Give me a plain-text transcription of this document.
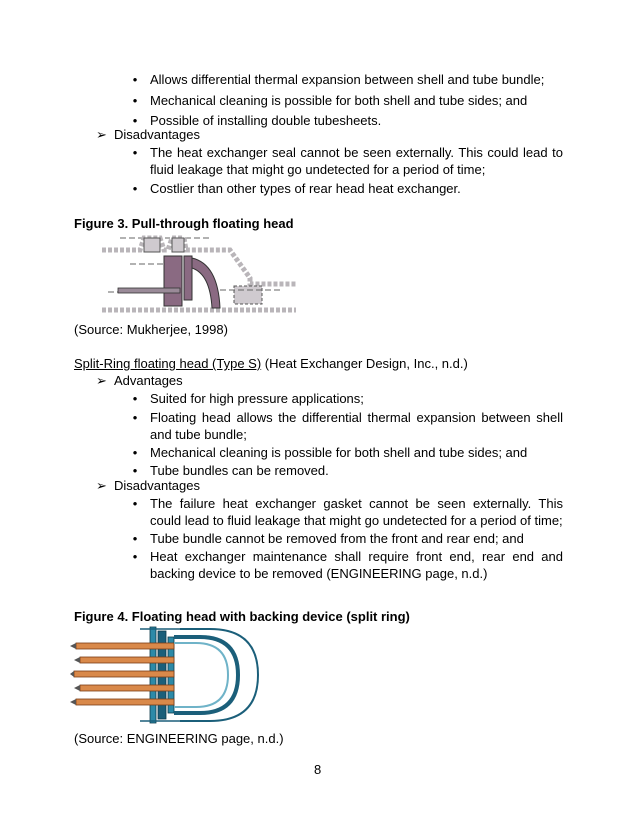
• Allows differential thermal expansion between shell and tube bundle;
• Mechanical cleaning is possible for both shell and tube sides; and
• Possible of installing double tubesheets.
➢ Disadvantages
• The heat exchanger seal cannot be seen externally. This could lead to fluid leakage that might go undetected for a period of time;
• Costlier than other types of rear head heat exchanger.
Figure 3. Pull-through floating head
(Source: Mukherjee, 1998)
Split-Ring floating head (Type S) (Heat Exchanger Design, Inc., n.d.)
➢ Advantages
• Suited for high pressure applications;
• Floating head allows the differential thermal expansion between shell and tube bundle;
• Mechanical cleaning is possible for both shell and tube sides; and
• Tube bundles can be removed.
➢ Disadvantages
• The failure heat exchanger gasket cannot be seen externally. This could lead to fluid leakage that might go undetected for a period of time;
• Tube bundle cannot be removed from the front and rear end; and
• Heat exchanger maintenance shall require front end, rear end and backing device to be removed (ENGINEERING page, n.d.)
Figure 4. Floating head with backing device (split ring)
(Source: ENGINEERING page, n.d.)
8
